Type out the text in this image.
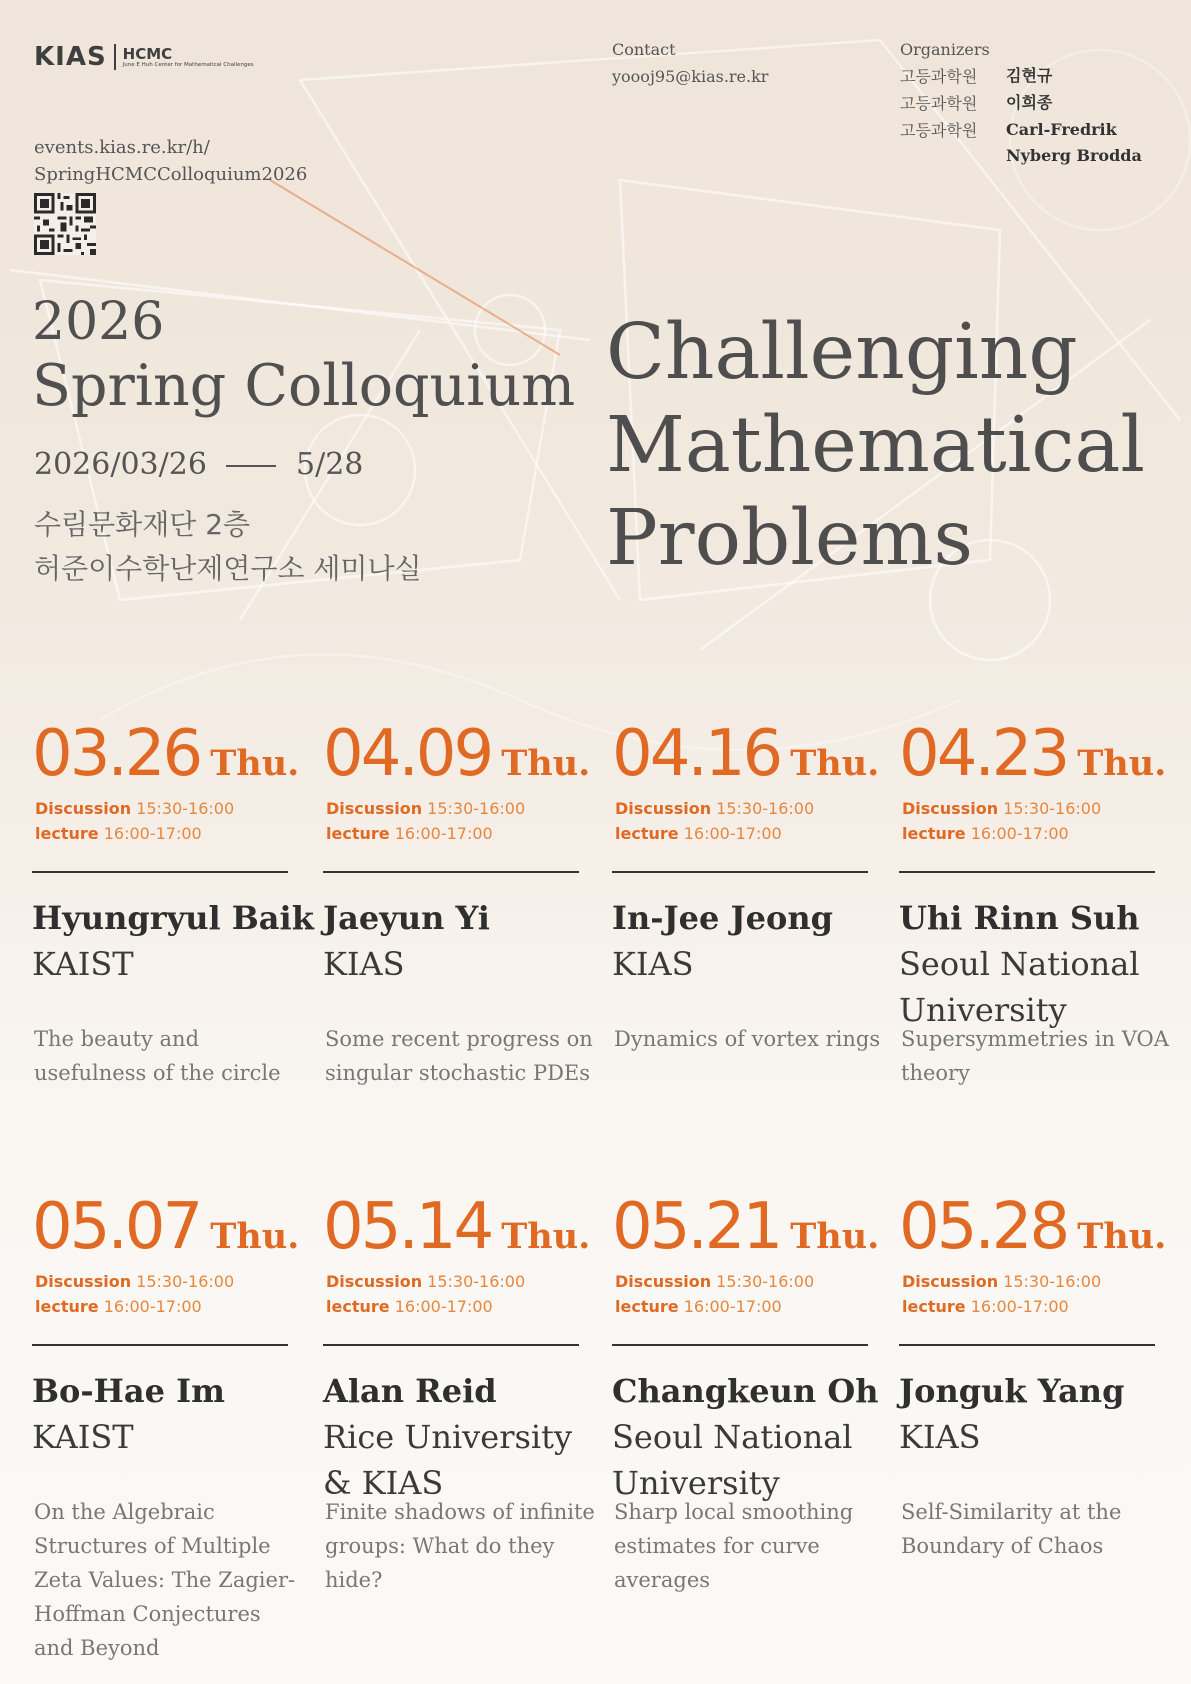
KIAS HCMC
June E Huh Center for Mathematical Challenges
events.kias.re.kr/h/
SpringHCMCColloquium2026
Contact
yoooj95@kias.re.kr
Organizers
고등과학원	김현규
고등과학원	이희종
고등과학원	Carl-Fredrik Nyberg Brodda
2026
Spring Colloquium
2026/03/26	5/28
수림문화재단 2층
허준이수학난제연구소 세미나실
Challenging
Mathematical
Problems
03.26 Thu.
Discussion 15:30-16:00
lecture 16:00-17:00
Hyungryul Baik
KAIST
The beauty and usefulness of the circle
04.09 Thu.
Discussion 15:30-16:00
lecture 16:00-17:00
Jaeyun Yi
KIAS
Some recent progress on singular stochastic PDEs
04.16 Thu.
Discussion 15:30-16:00
lecture 16:00-17:00
In-Jee Jeong
KIAS
Dynamics of vortex rings
04.23 Thu.
Discussion 15:30-16:00
lecture 16:00-17:00
Uhi Rinn Suh
Seoul National University
Supersymmetries in VOA theory
05.07 Thu.
Discussion 15:30-16:00
lecture 16:00-17:00
Bo-Hae Im
KAIST
On the Algebraic Structures of Multiple Zeta Values: The Zagier- Hoffman Conjectures and Beyond
05.14 Thu.
Discussion 15:30-16:00
lecture 16:00-17:00
Alan Reid
Rice University & KIAS
Finite shadows of infinite groups: What do they hide?
05.21 Thu.
Discussion 15:30-16:00
lecture 16:00-17:00
Changkeun Oh
Seoul National University
Sharp local smoothing estimates for curve averages
05.28 Thu.
Discussion 15:30-16:00
lecture 16:00-17:00
Jonguk Yang
KIAS
Self-Similarity at the Boundary of Chaos
